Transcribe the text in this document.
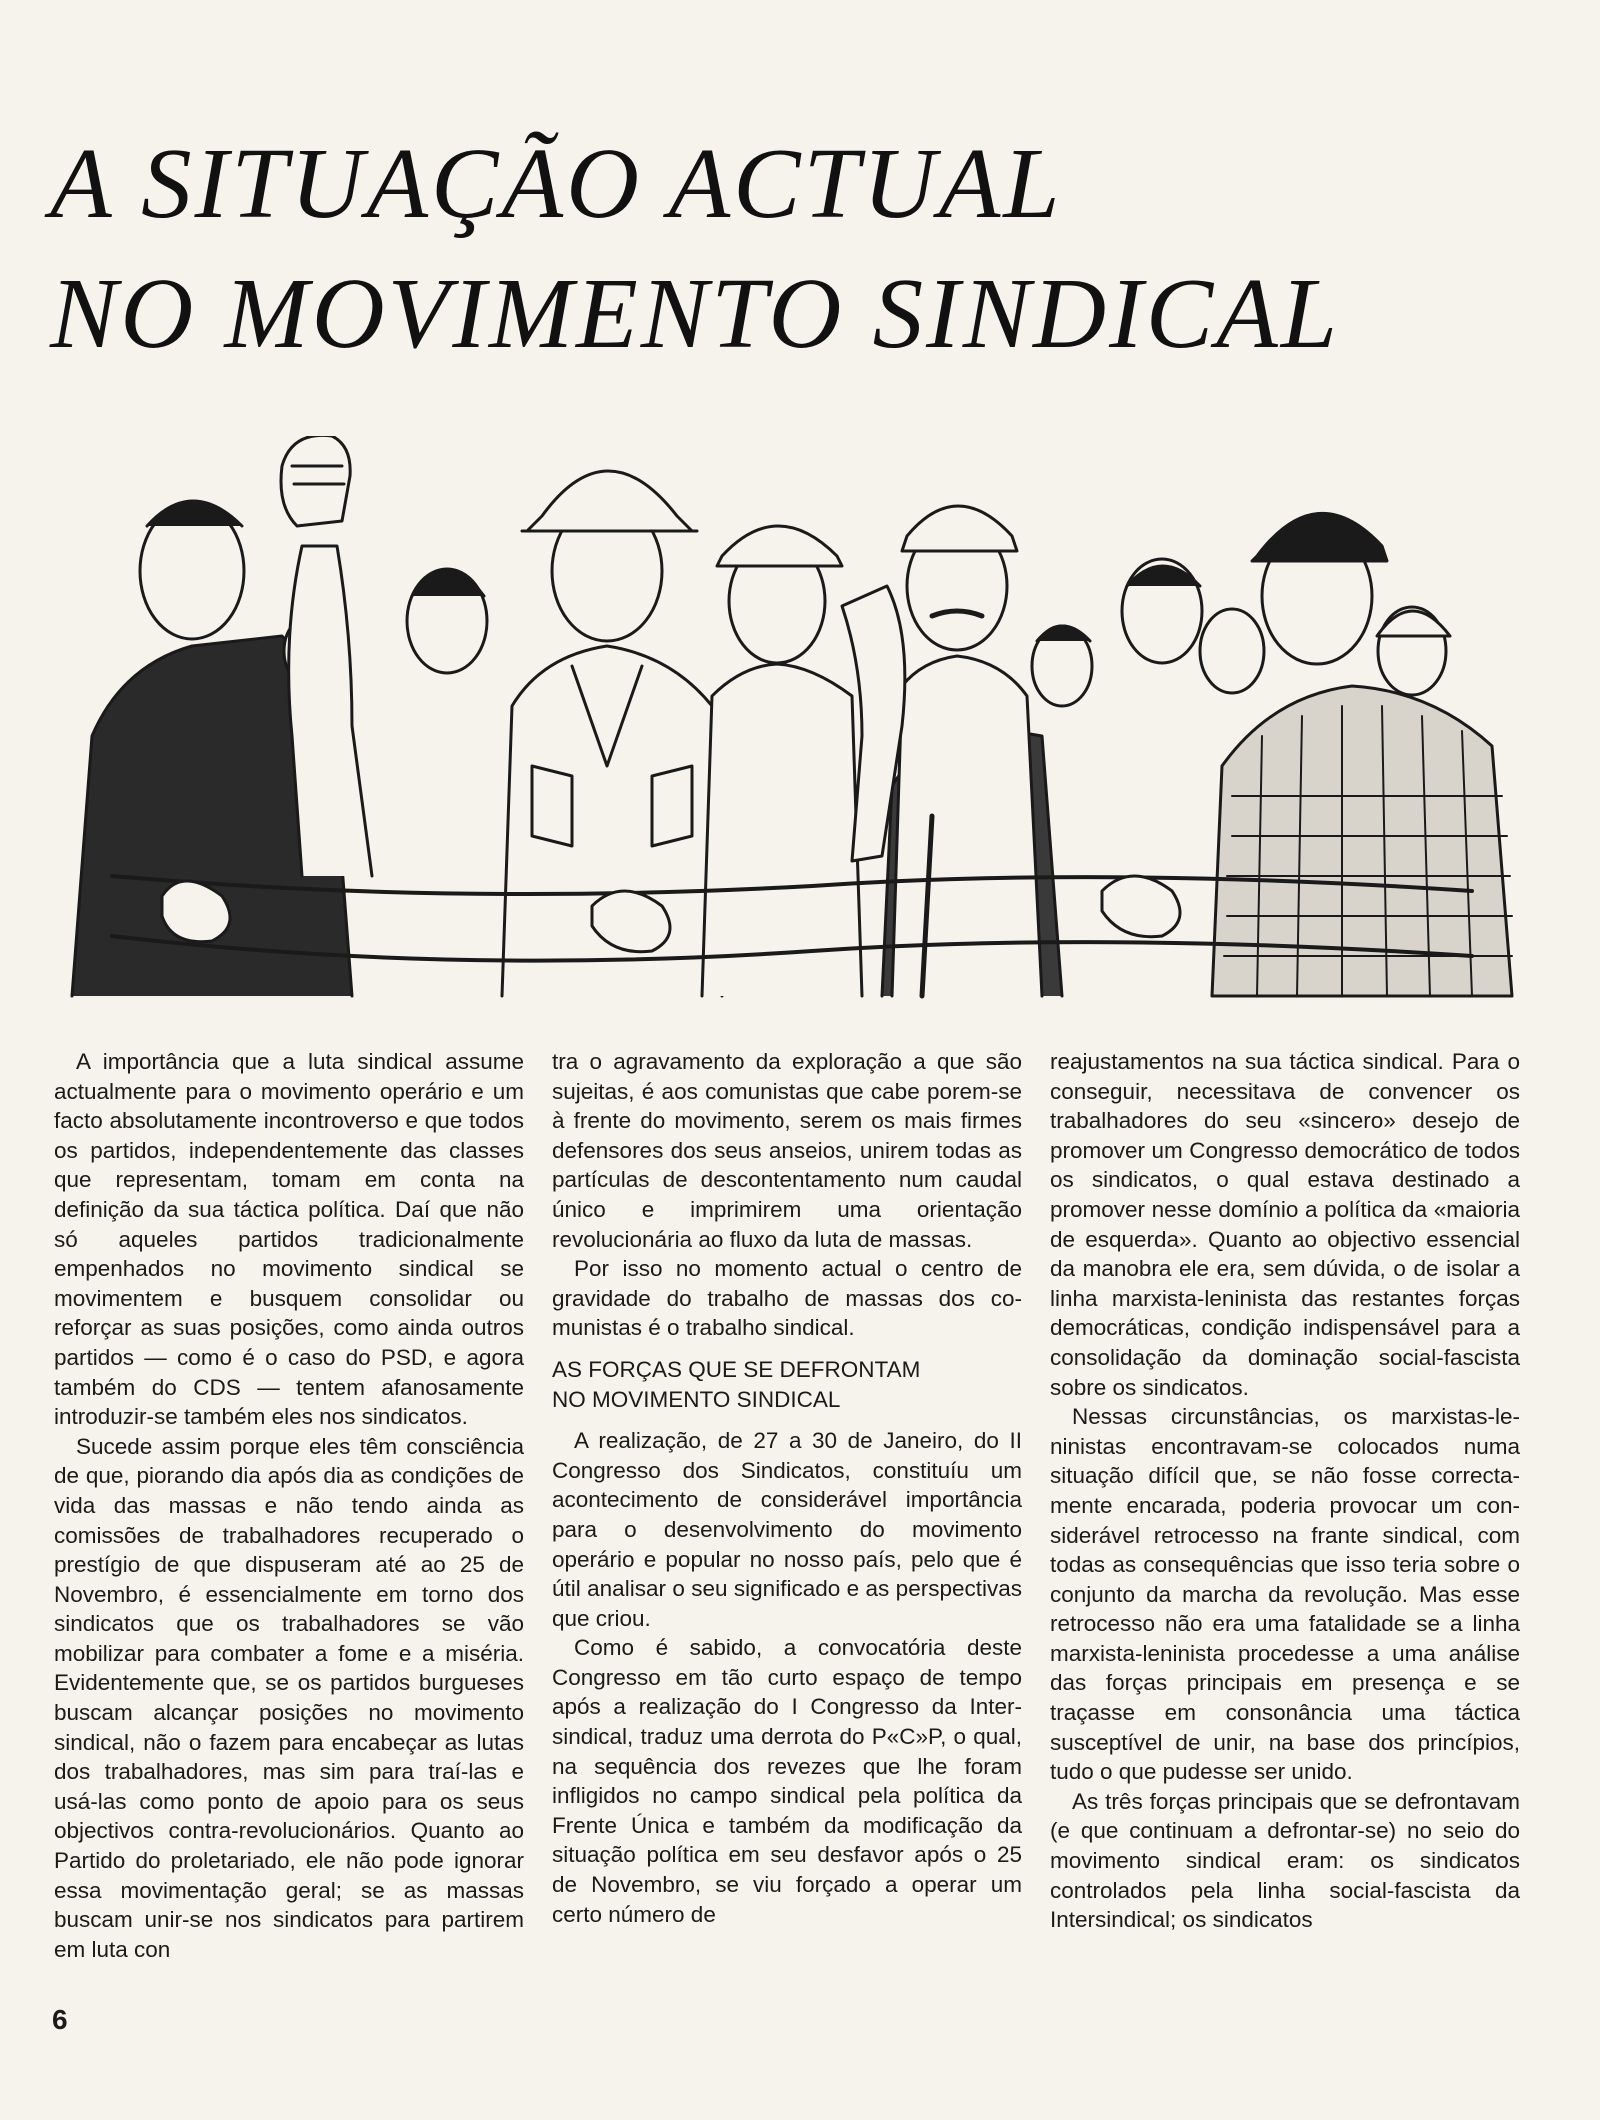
A SITUAÇÃO ACTUAL
NO MOVIMENTO SINDICAL

A importância que a luta sindical assume actualmente para o movimento operário e um facto absolutamente incontroverso e que todos os partidos, independentemente das classes que representam, tomam em conta na definição da sua táctica política. Daí que não só aqueles partidos tradicionalmente empenhados no movimento sindical se movimentem e busquem consolidar ou reforçar as suas posições, como ainda outros partidos — como é o caso do PSD, e agora também do CDS — tentem afanosamente introduzir-se também eles nos sindicatos.

Sucede assim porque eles têm consciência de que, piorando dia após dia as condições de vida das massas e não tendo ainda as comissões de trabalhadores recuperado o prestígio de que dispuseram até ao 25 de Novembro, é essencialmente em torno dos sindicatos que os trabalhadores se vão mobilizar para combater a fome e a miséria. Evidentemente que, se os partidos burgueses buscam alcançar posições no movimento sindical, não o fazem para encabeçar as lutas dos trabalhadores, mas sim para traí-las e usá-las como ponto de apoio para os seus objectivos contra-revolucionários. Quanto ao Partido do proletariado, ele não pode ignorar essa movimentação geral; se as massas buscam unir-se nos sindicatos para partirem em luta con

tra o agravamento da exploração a que são sujeitas, é aos comunistas que cabe porem-se à frente do movimento, serem os mais firmes defensores dos seus anseios, unirem todas as partículas de descontentamento num caudal único e imprimirem uma orientação revolucionária ao fluxo da luta de massas.

Por isso no momento actual o centro de gravidade do trabalho de massas dos comunistas é o trabalho sindical.

AS FORÇAS QUE SE DEFRONTAM
NO MOVIMENTO SINDICAL

A realização, de 27 a 30 de Janeiro, do II Congresso dos Sindicatos, constituíu um acontecimento de considerável importância para o desenvolvimento do movimento operário e popular no nosso país, pelo que é útil analisar o seu significado e as perspectivas que criou.

Como é sabido, a convocatória deste Congresso em tão curto espaço de tempo após a realização do I Congresso da Intersindical, traduz uma derrota do P«C»P, o qual, na sequência dos revezes que lhe foram infligidos no campo sindical pela política da Frente Única e também da modificação da situação política em seu desfavor após o 25 de Novembro, se viu forçado a operar um certo número de

reajustamentos na sua táctica sindical. Para o conseguir, necessitava de convencer os trabalhadores do seu «sincero» desejo de promover um Congresso democrático de todos os sindicatos, o qual estava destinado a promover nesse domínio a política da «maioria de esquerda». Quanto ao objectivo essencial da manobra ele era, sem dúvida, o de isolar a linha marxista-leninista das restantes forças democráticas, condição indispensável para a consolidação da dominação social-fascista sobre os sindicatos.

Nessas circunstâncias, os marxistas-leninistas encontravam-se colocados numa situação difícil que, se não fosse correctamente encarada, poderia provocar um considerável retrocesso na frante sindical, com todas as consequências que isso teria sobre o conjunto da marcha da revolução. Mas esse retrocesso não era uma fatalidade se a linha marxista-leninista procedesse a uma análise das forças principais em presença e se traçasse em consonância uma táctica susceptível de unir, na base dos princípios, tudo o que pudesse ser unido.

As três forças principais que se defrontavam (e que continuam a defrontar-se) no seio do movimento sindical eram: os sindicatos controlados pela linha social-fascista da Intersindical; os sindicatos

6
